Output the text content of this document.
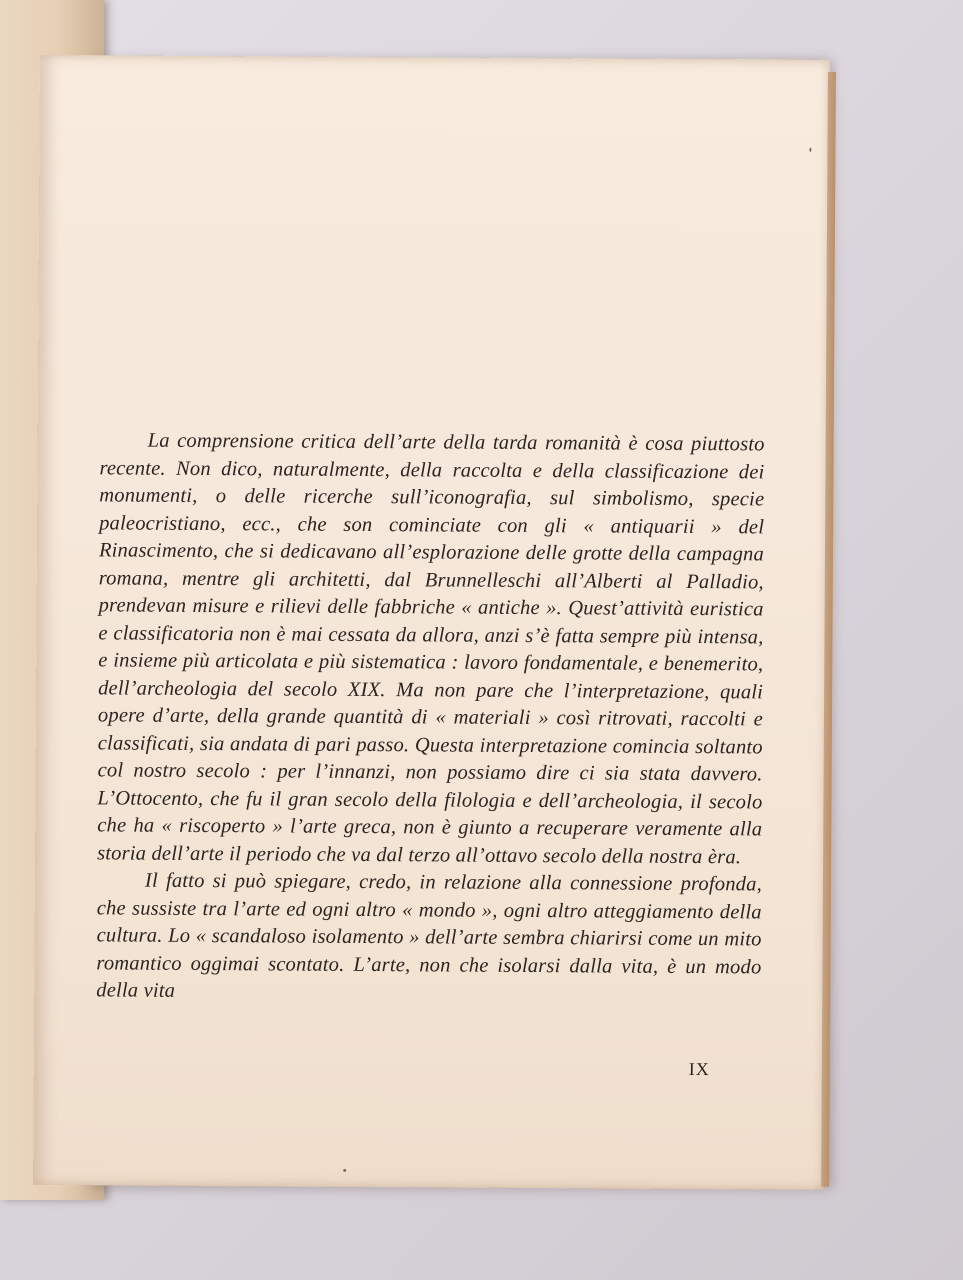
La comprensione critica dell’arte della tarda romanità è cosa piuttosto recente. Non dico, naturalmente, della raccolta e della classificazione dei monumenti, o delle ricerche sull’iconografia, sul simbolismo, specie paleocristiano, ecc., che son cominciate con gli « antiquarii » del Rinascimento, che si dedicavano all’esplorazione delle grotte della campagna romana, mentre gli architetti, dal Brunnelleschi all’Alberti al Palladio, prendevan misure e rilievi delle fabbriche « antiche ». Quest’attività euristica e classificatoria non è mai cessata da allora, anzi s’è fatta sempre più intensa, e insieme più articolata e più sistematica : lavoro fondamentale, e benemerito, dell’archeologia del secolo XIX. Ma non pare che l’interpretazione, quali opere d’arte, della grande quantità di « materiali » così ritrovati, raccolti e classificati, sia andata di pari passo. Questa interpretazione comincia soltanto col nostro secolo : per l’innanzi, non possiamo dire ci sia stata davvero. L’Ottocento, che fu il gran secolo della filologia e dell’archeologia, il secolo che ha « riscoperto » l’arte greca, non è giunto a recuperare veramente alla storia dell’arte il periodo che va dal terzo all’ottavo secolo della nostra èra.

Il fatto si può spiegare, credo, in relazione alla connessione profonda, che sussiste tra l’arte ed ogni altro « mondo », ogni altro atteggiamento della cultura. Lo « scandaloso isolamento » dell’arte sembra chiarirsi come un mito romantico oggimai scontato. L’arte, non che isolarsi dalla vita, è un modo della vita

IX
